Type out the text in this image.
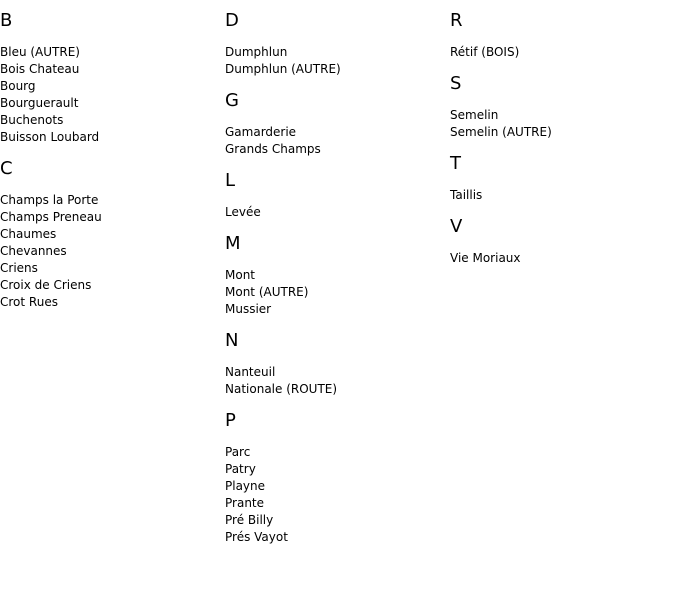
B
Bleu (AUTRE)
Bois Chateau
Bourg
Bourguerault
Buchenots
Buisson Loubard
C
Champs la Porte
Champs Preneau
Chaumes
Chevannes
Criens
Croix de Criens
Crot Rues
D
Dumphlun
Dumphlun (AUTRE)
G
Gamarderie
Grands Champs
L
Levée
M
Mont
Mont (AUTRE)
Mussier
N
Nanteuil
Nationale (ROUTE)
P
Parc
Patry
Playne
Prante
Pré Billy
Prés Vayot
R
Rétif (BOIS)
S
Semelin
Semelin (AUTRE)
T
Taillis
V
Vie Moriaux
